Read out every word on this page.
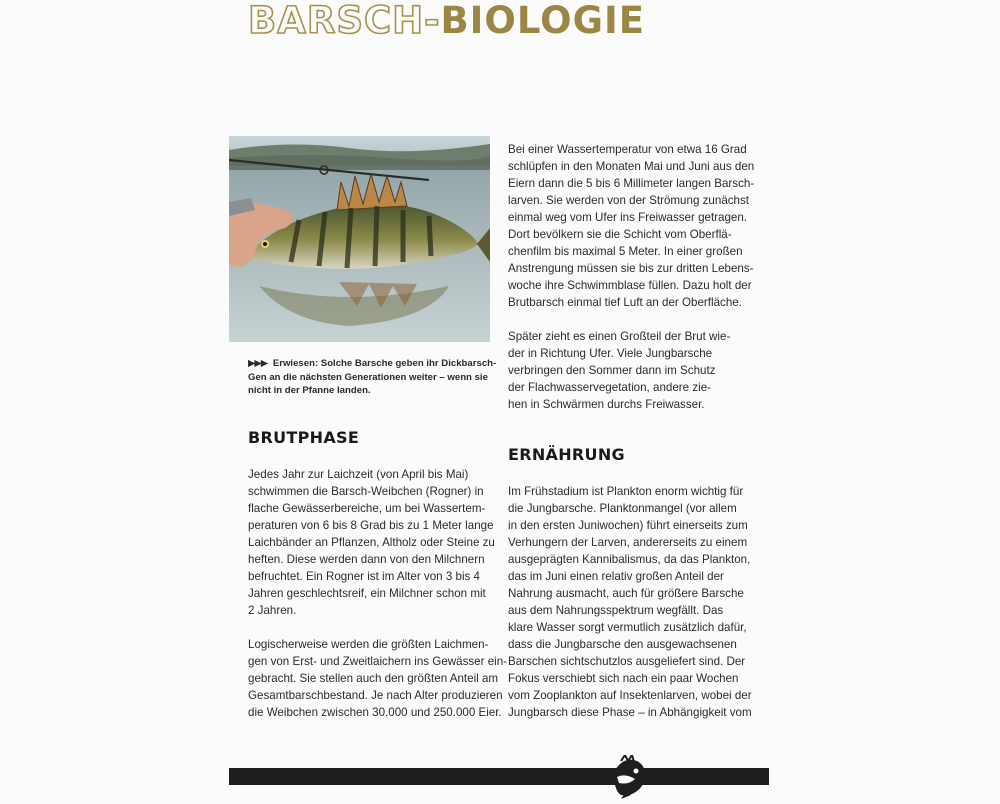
BARSCH-BIOLOGIE
▶▶▶ Erwiesen: Solche Barsche geben ihr Dickbarsch-Gen an die nächsten Generationen weiter – wenn sie nicht in der Pfanne landen.
Bei einer Wassertemperatur von etwa 16 Grad
schlüpfen in den Monaten Mai und Juni aus den
Eiern dann die 5 bis 6 Millimeter langen Barsch-
larven. Sie werden von der Strömung zunächst
einmal weg vom Ufer ins Freiwasser getragen.
Dort bevölkern sie die Schicht vom Oberflä-
chenfilm bis maximal 5 Meter. In einer großen
Anstrengung müssen sie bis zur dritten Lebens-
woche ihre Schwimmblase füllen. Dazu holt der
Brutbarsch einmal tief Luft an der Oberfläche.

Später zieht es einen Großteil der Brut wie-
der in Richtung Ufer. Viele Jungbarsche
verbringen den Sommer dann im Schutz
der Flachwasservegetation, andere zie-
hen in Schwärmen durchs Freiwasser.
BRUTPHASE
Jedes Jahr zur Laichzeit (von April bis Mai)
schwimmen die Barsch-Weibchen (Rogner) in
flache Gewässerbereiche, um bei Wassertem-
peraturen von 6 bis 8 Grad bis zu 1 Meter lange
Laichbänder an Pflanzen, Altholz oder Steine zu
heften. Diese werden dann von den Milchnern
befruchtet. Ein Rogner ist im Alter von 3 bis 4
Jahren geschlechtsreif, ein Milchner schon mit
2 Jahren.
Logischerweise werden die größten Laichmen-
gen von Erst- und Zweitlaichern ins Gewässer ein-
gebracht. Sie stellen auch den größten Anteil am
Gesamtbarschbestand. Je nach Alter produzieren
die Weibchen zwischen 30.000 und 250.000 Eier.
ERNÄHRUNG
Im Frühstadium ist Plankton enorm wichtig für
die Jungbarsche. Planktonmangel (vor allem
in den ersten Juniwochen) führt einerseits zum
Verhungern der Larven, andererseits zu einem
ausgeprägten Kannibalismus, da das Plankton,
das im Juni einen relativ großen Anteil der
Nahrung ausmacht, auch für größere Barsche
aus dem Nahrungsspektrum wegfällt. Das
klare Wasser sorgt vermutlich zusätzlich dafür,
dass die Jungbarsche den ausgewachsenen
Barschen sichtschutzlos ausgeliefert sind. Der
Fokus verschiebt sich nach ein paar Wochen
vom Zooplankton auf Insektenlarven, wobei der
Jungbarsch diese Phase – in Abhängigkeit vom
